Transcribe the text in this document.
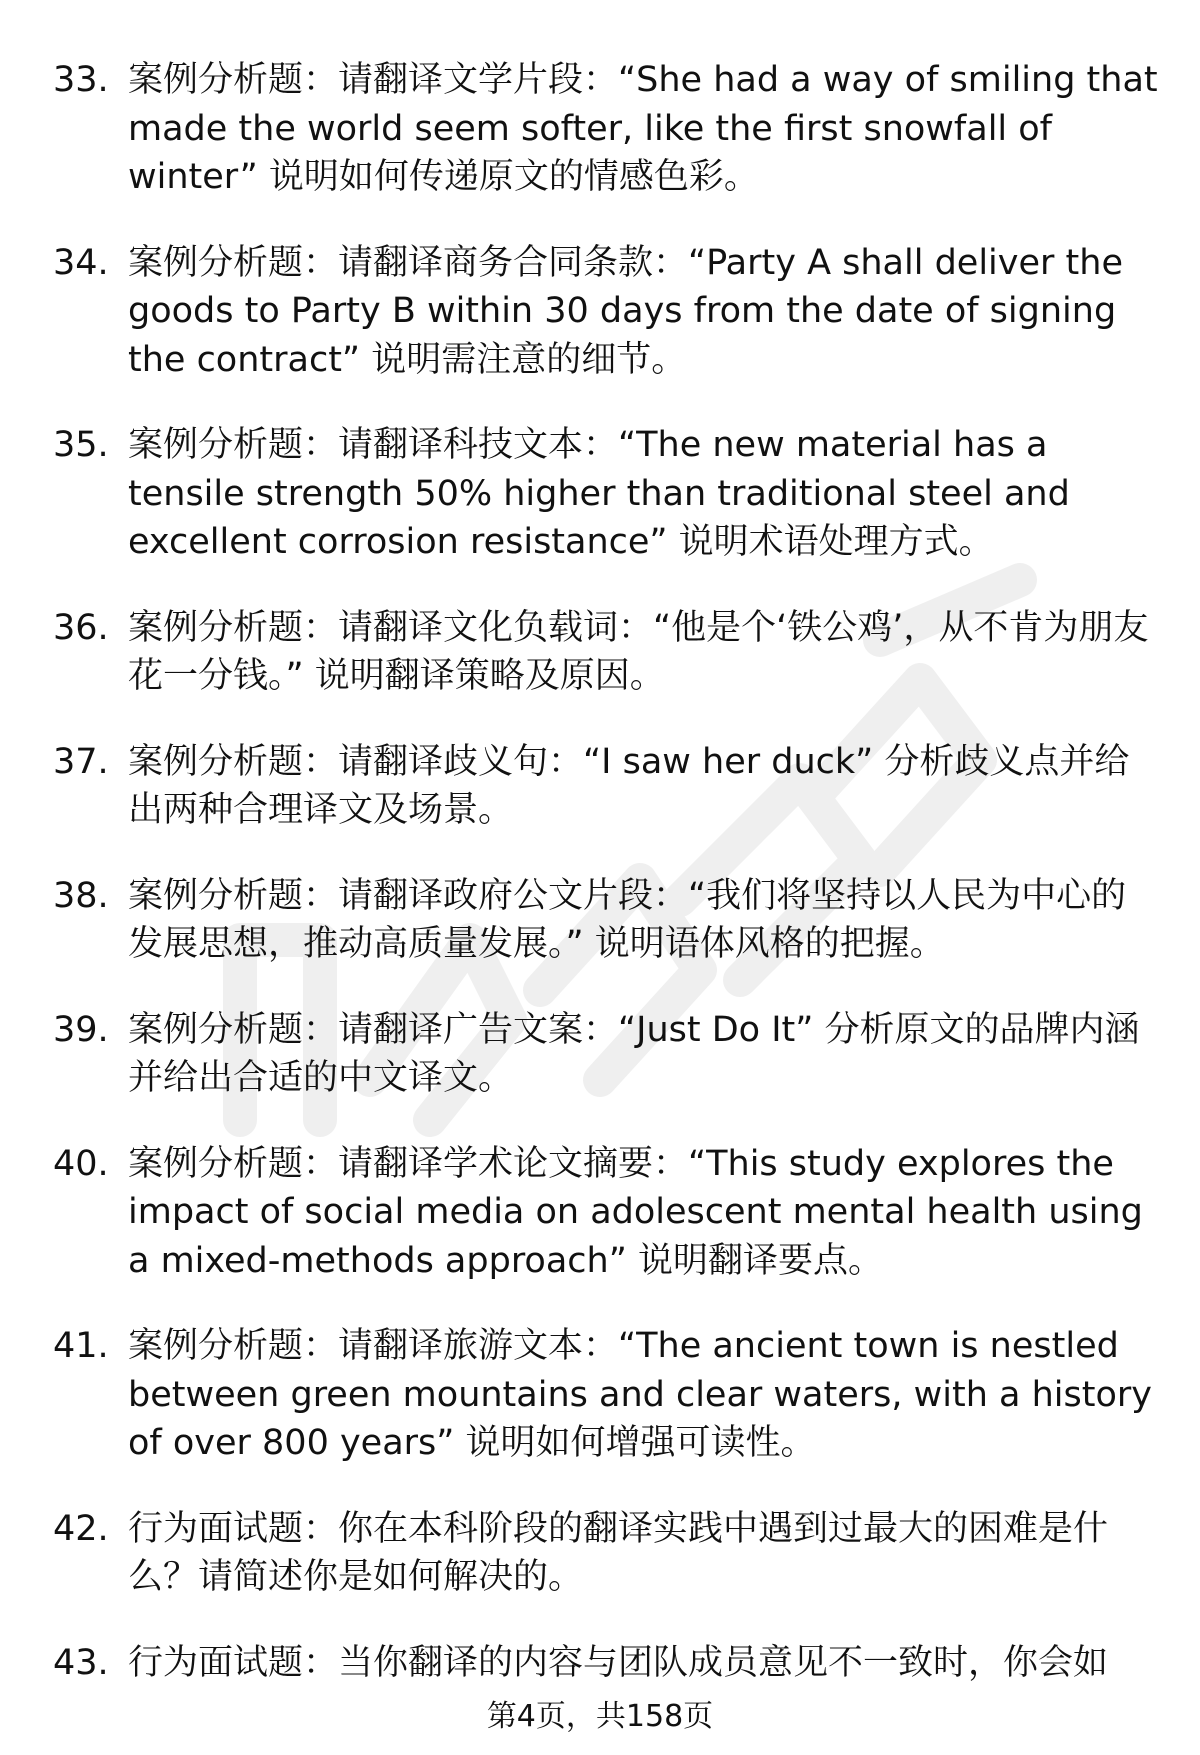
33. 案例分析题：请翻译文学片段：“She had a way of smiling that made the world seem softer, like the first snowfall of winter” 说明如何传递原文的情感色彩。
34. 案例分析题：请翻译商务合同条款：“Party A shall deliver the goods to Party B within 30 days from the date of signing the contract” 说明需注意的细节。
35. 案例分析题：请翻译科技文本：“The new material has a tensile strength 50% higher than traditional steel and excellent corrosion resistance” 说明术语处理方式。
36. 案例分析题：请翻译文化负载词：“他是个‘铁公鸡’，从不肯为朋友花一分钱。” 说明翻译策略及原因。
37. 案例分析题：请翻译歧义句：“I saw her duck” 分析歧义点并给出两种合理译文及场景。
38. 案例分析题：请翻译政府公文片段：“我们将坚持以人民为中心的发展思想，推动高质量发展。” 说明语体风格的把握。
39. 案例分析题：请翻译广告文案：“Just Do It” 分析原文的品牌内涵并给出合适的中文译文。
40. 案例分析题：请翻译学术论文摘要：“This study explores the impact of social media on adolescent mental health using a mixed-methods approach” 说明翻译要点。
41. 案例分析题：请翻译旅游文本：“The ancient town is nestled between green mountains and clear waters, with a history of over 800 years” 说明如何增强可读性。
42. 行为面试题：你在本科阶段的翻译实践中遇到过最大的困难是什么？请简述你是如何解决的。
43. 行为面试题：当你翻译的内容与团队成员意见不一致时，你会如
第4页，共158页
